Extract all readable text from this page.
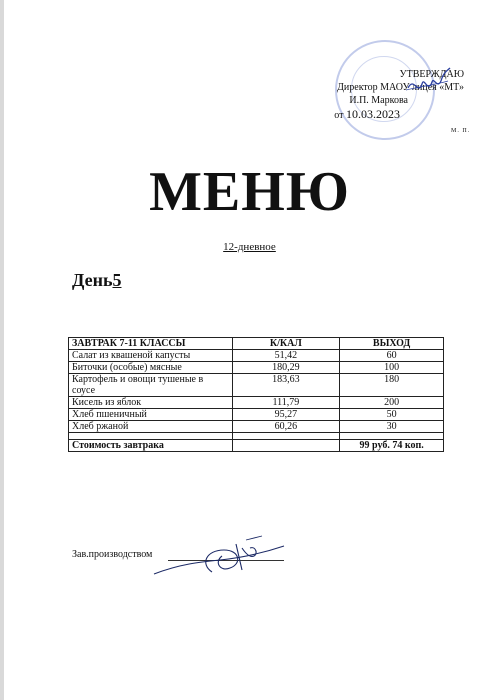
УТВЕРЖДАЮ
Директор МАОУ лицея «МТ»
И.П. Маркова
от 10.03.2023
М. П.
МЕНЮ
12-дневное
День5
ЗАВТРАК 7-11 КЛАССЫ	К/КАЛ	ВЫХОД
Салат из квашеной капусты	51,42	60
Биточки (особые) мясные	180,29	100
Картофель и овощи тушеные в соусе	183,63	180
Кисель из яблок	111,79	200
Хлеб пшеничный	95,27	50
Хлеб ржаной	60,26	30

Стоимость завтрака		99 руб. 74 коп.
Зав.производством
